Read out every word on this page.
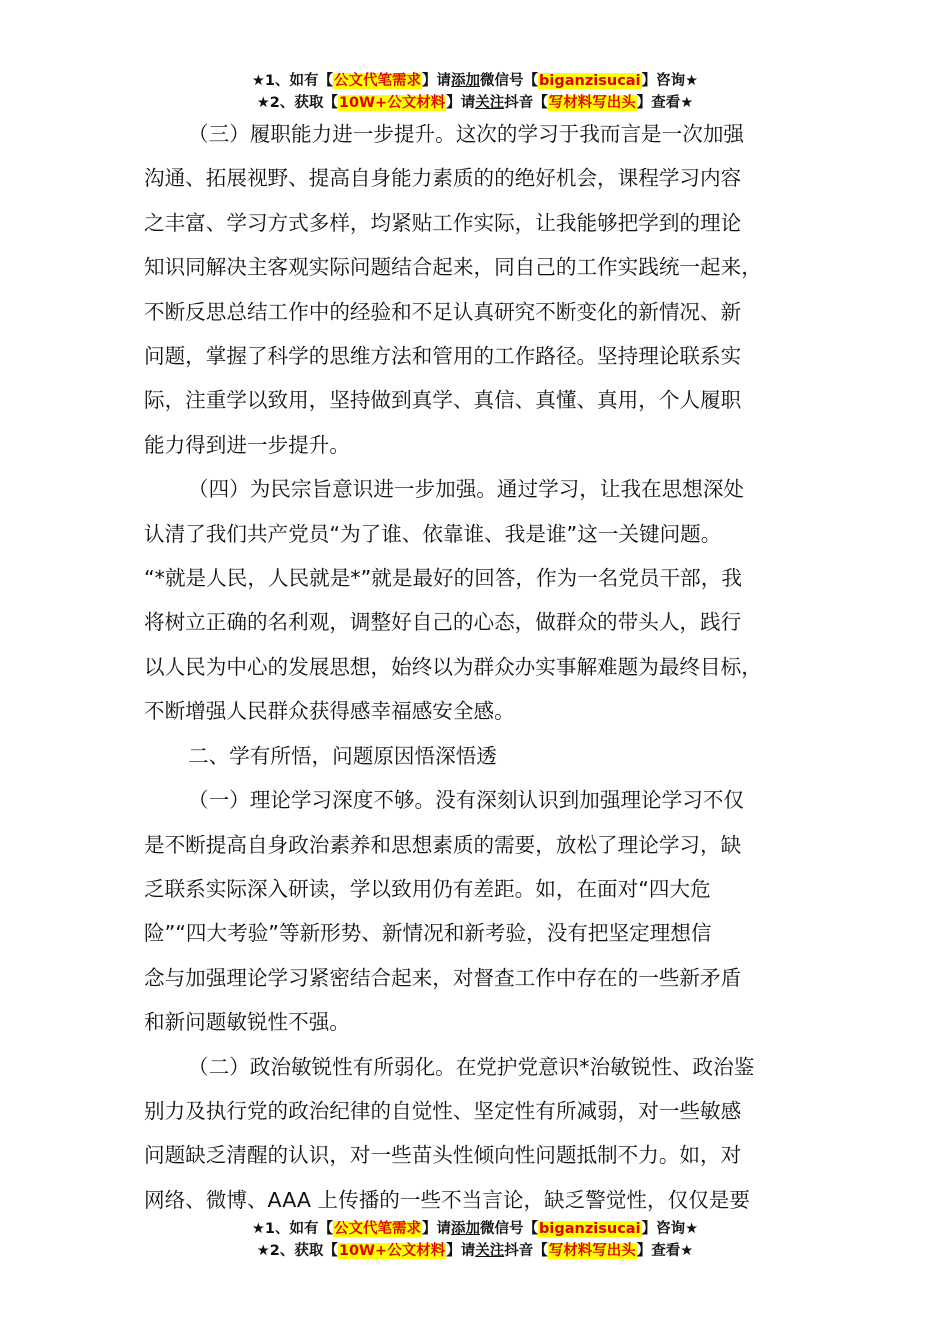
★1、如有【公文代笔需求】请添加微信号【biganzisucai】咨询★
★2、获取【10W+公文材料】请关注抖音【写材料写出头】查看★
（三）履职能力进一步提升。这次的学习于我而言是一次加强
沟通、拓展视野、提高自身能力素质的的绝好机会，课程学习内容
之丰富、学习方式多样，均紧贴工作实际，让我能够把学到的理论
知识同解决主客观实际问题结合起来，同自己的工作实践统一起来，
不断反思总结工作中的经验和不足认真研究不断变化的新情况、新
问题，掌握了科学的思维方法和管用的工作路径。坚持理论联系实
际，注重学以致用，坚持做到真学、真信、真懂、真用，个人履职
能力得到进一步提升。
（四）为民宗旨意识进一步加强。通过学习，让我在思想深处
认清了我们共产党员“为了谁、依靠谁、我是谁”这一关键问题。
“*就是人民，人民就是*”就是最好的回答，作为一名党员干部，我
将树立正确的名利观，调整好自己的心态，做群众的带头人，践行
以人民为中心的发展思想，始终以为群众办实事解难题为最终目标，
不断增强人民群众获得感幸福感安全感。
二、学有所悟，问题原因悟深悟透
（一）理论学习深度不够。没有深刻认识到加强理论学习不仅
是不断提高自身政治素养和思想素质的需要，放松了理论学习，缺
乏联系实际深入研读，学以致用仍有差距。如，在面对“四大危
险”“四大考验”等新形势、新情况和新考验，没有把坚定理想信
念与加强理论学习紧密结合起来，对督查工作中存在的一些新矛盾
和新问题敏锐性不强。
（二）政治敏锐性有所弱化。在党护党意识*治敏锐性、政治鉴
别力及执行党的政治纪律的自觉性、坚定性有所减弱，对一些敏感
问题缺乏清醒的认识，对一些苗头性倾向性问题抵制不力。如，对
网络、微博、AAA 上传播的一些不当言论，缺乏警觉性，仅仅是要
★1、如有【公文代笔需求】请添加微信号【biganzisucai】咨询★
★2、获取【10W+公文材料】请关注抖音【写材料写出头】查看★
